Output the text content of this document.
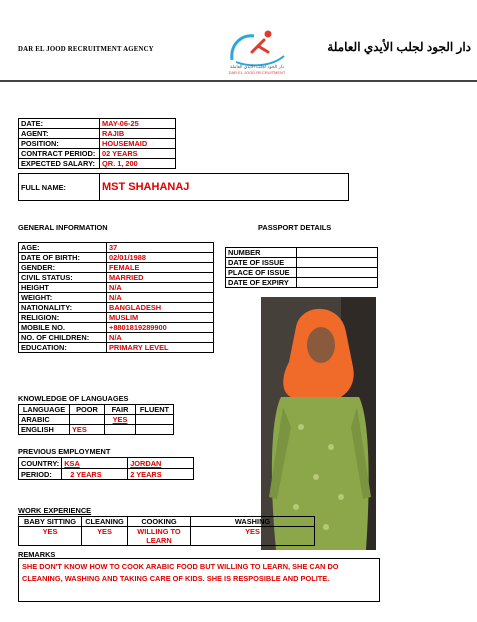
DAR EL JOOD RECRUITMENT AGENCY
دار الجود لجلب الأيدي العاملة
DAR EL JOOD RECRUITMENT
دار الجود لجلب الأيدي العاملة
DATE:	MAY-06-25
AGENT:	RAJIB
POSITION:	HOUSEMAID
CONTRACT PERIOD:	02 YEARS
EXPECTED SALARY:	QR. 1, 200
FULL NAME:	MST SHAHANAJ
GENERAL INFORMATION
AGE:	37
DATE OF BIRTH:	02/01/1988
GENDER:	FEMALE
CIVIL STATUS:	MARRIED
HEIGHT	N/A
WEIGHT:	N/A
NATIONALITY:	BANGLADESH
RELIGION:	MUSLIM
MOBILE NO.	+8801819289900
NO. OF CHILDREN:	N/A
EDUCATION:	PRIMARY LEVEL
PASSPORT DETAILS
NUMBER	
DATE OF ISSUE	
PLACE OF ISSUE	
DATE OF EXPIRY	
KNOWLEDGE OF LANGUAGES
LANGUAGE	POOR	FAIR	FLUENT
ARABIC		YES	
ENGLISH	YES		
PREVIOUS EMPLOYMENT
COUNTRY:	KSA	JORDAN
PERIOD:	2 YEARS	2 YEARS
WORK EXPERIENCE
BABY SITTING	CLEANING	COOKING	WASHING
YES	YES	WILLING TO LEARN	YES
REMARKS
SHE DON'T KNOW HOW TO COOK ARABIC FOOD BUT WILLING TO LEARN, SHE CAN DO CLEANING, WASHING AND TAKING CARE OF KIDS. SHE IS RESPOSIBLE AND POLITE.
